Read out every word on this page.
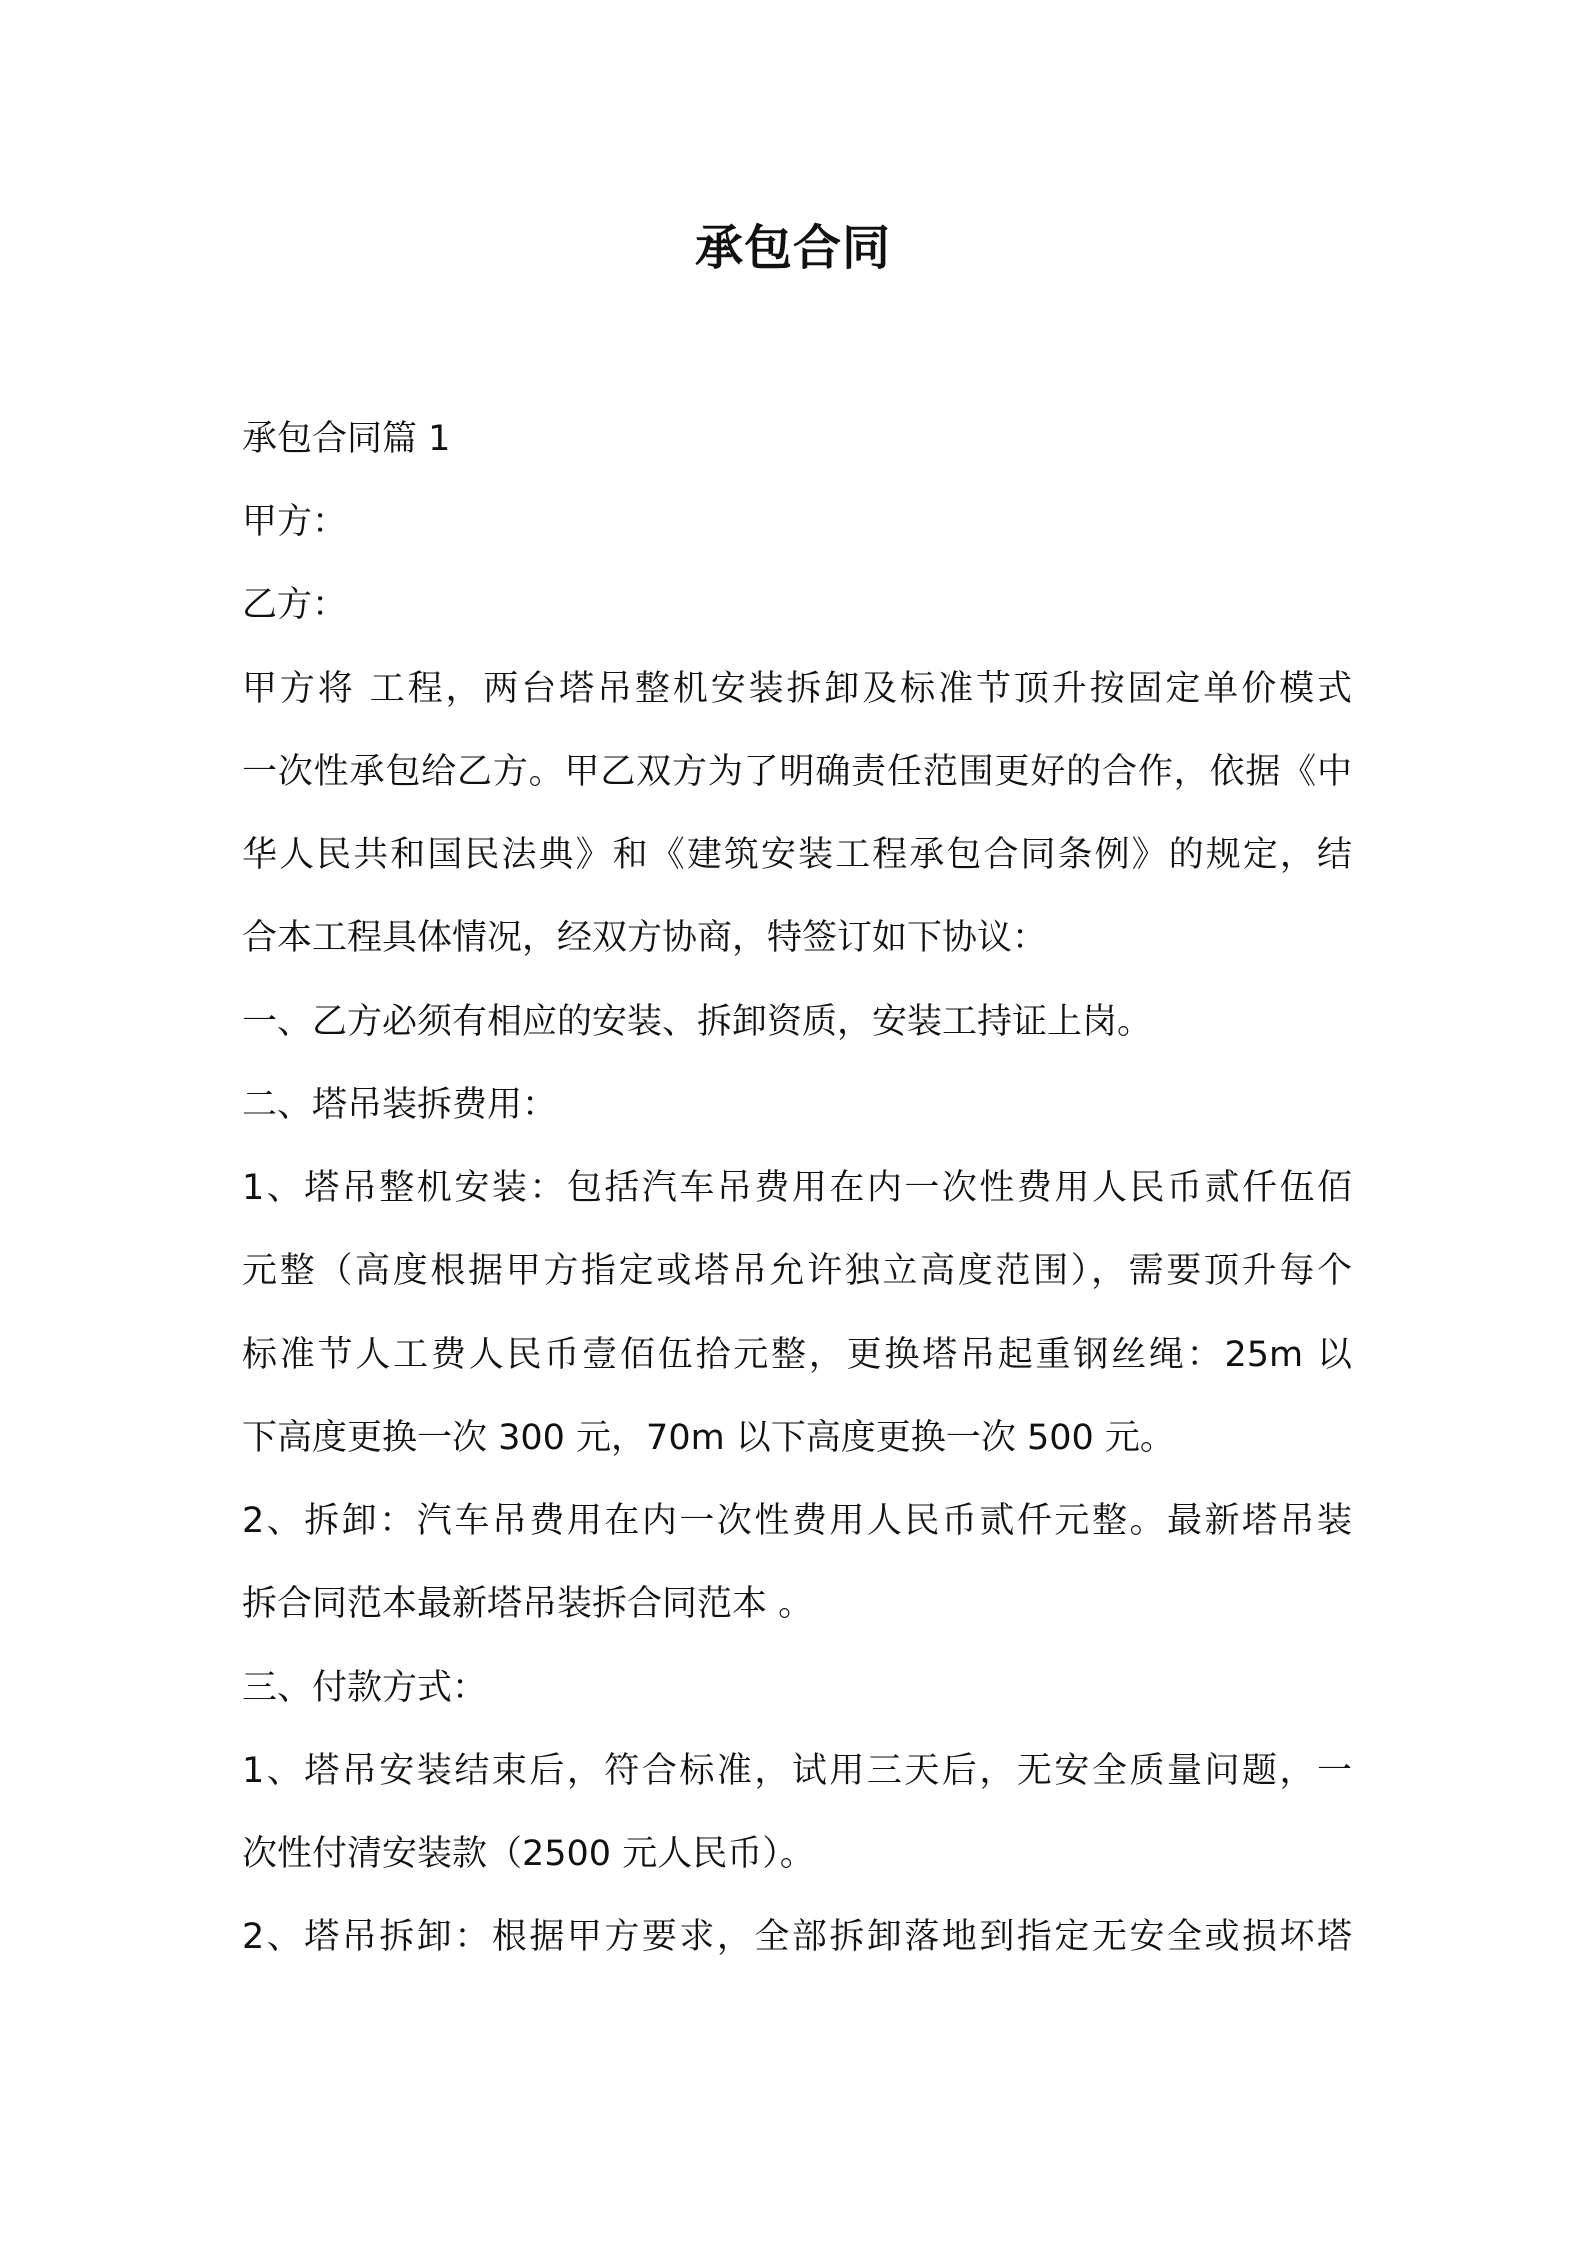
承包合同
承包合同篇 1
甲方：
乙方：
甲方将 工程，两台塔吊整机安装拆卸及标准节顶升按固定单价模式
一次性承包给乙方。甲乙双方为了明确责任范围更好的合作，依据《中
华人民共和国民法典》和《建筑安装工程承包合同条例》的规定，结
合本工程具体情况，经双方协商，特签订如下协议：
一、乙方必须有相应的安装、拆卸资质，安装工持证上岗。
二、塔吊装拆费用：
1、塔吊整机安装：包括汽车吊费用在内一次性费用人民币贰仟伍佰
元整（高度根据甲方指定或塔吊允许独立高度范围），需要顶升每个
标准节人工费人民币壹佰伍拾元整，更换塔吊起重钢丝绳：25m 以
下高度更换一次 300 元，70m 以下高度更换一次 500 元。
2、拆卸：汽车吊费用在内一次性费用人民币贰仟元整。最新塔吊装
拆合同范本最新塔吊装拆合同范本 。
三、付款方式：
1、塔吊安装结束后，符合标准，试用三天后，无安全质量问题，一
次性付清安装款（2500 元人民币）。
2、塔吊拆卸：根据甲方要求，全部拆卸落地到指定无安全或损坏塔
